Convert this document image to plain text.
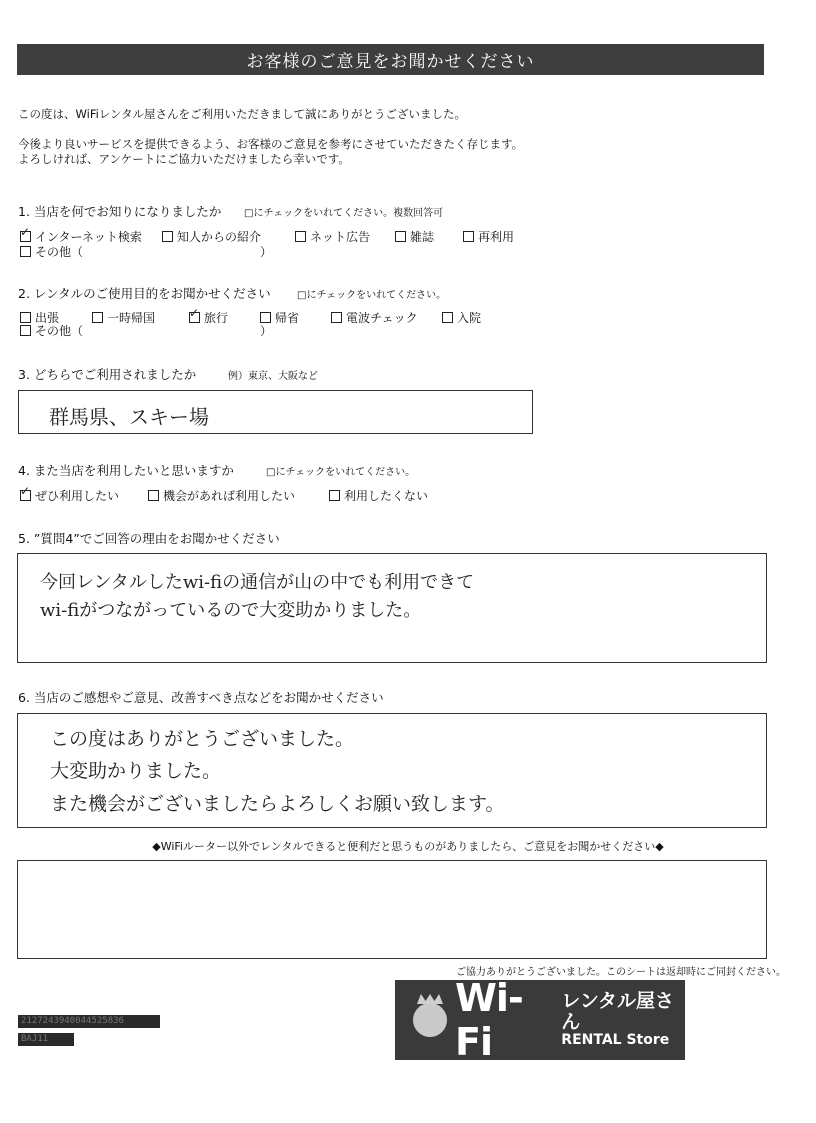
お客様のご意見をお聞かせください
この度は、WiFiレンタル屋さんをご利用いただきまして誠にありがとうございました。
今後より良いサービスを提供できるよう、お客様のご意見を参考にさせていただきたく存じます。
よろしければ、アンケートにご協力いただけましたら幸いです。
1. 当店を何でお知りになりましたか □にチェックをいれてください。複数回答可
✓
インターネット検索	知人からの紹介	ネット広告	雑誌	再利用
その他（	）
2. レンタルのご使用目的をお聞かせください	□にチェックをいれてください。
出張	一時帰国
✓	旅行	帰省	電波チェック	入院
その他（	）
3. どちらでご利用されましたか	例）東京、大阪など
群馬県、スキー場
4. また当店を利用したいと思いますか	□にチェックをいれてください。
✓
ぜひ利用したい	機会があれば利用したい	利用したくない
5. ”質問4”でご回答の理由をお聞かせください
今回レンタルしたwi-fiの通信が山の中でも利用できて
wi-fiがつながっているので大変助かりました。
6. 当店のご感想やご意見、改善すべき点などをお聞かせください
この度はありがとうございました。
大変助かりました。
また機会がございましたらよろしくお願い致します。
◆WiFiルーター以外でレンタルできると便利だと思うものがありましたら、ご意見をお聞かせください◆
ご協力ありがとうございました。このシートは返却時にご同封ください。
2127243940044525836
BAJ11
Wi-Fi
レンタル屋さん
RENTAL Store
